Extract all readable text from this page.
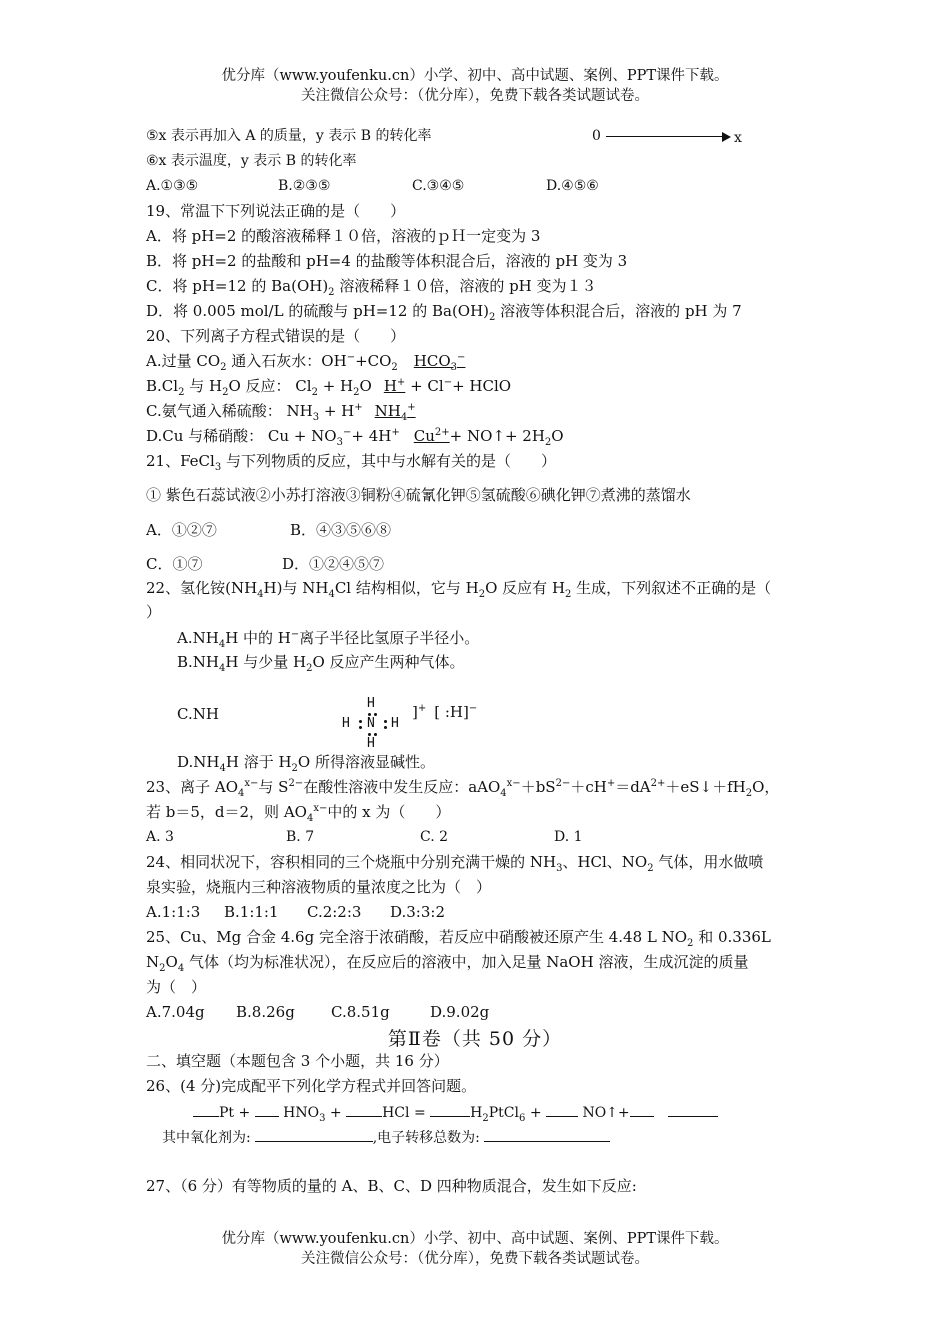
优分库（www.youfenku.cn）小学、初中、高中试题、案例、PPT课件下载。
关注微信公众号：（优分库），免费下载各类试题试卷。
⑤x 表示再加入 A 的质量，y 表示 B 的转化率	0	x
⑥x 表示温度，y 表示 B 的转化率
A.①③⑤	B.②③⑤	C.③④⑤	D.④⑤⑥
19、常温下下列说法正确的是（　　）
A．将 pH=2 的酸溶液稀释１０倍，溶液的ｐＨ一定变为 3
B．将 pH=2 的盐酸和 pH=4 的盐酸等体积混合后，溶液的 pH 变为 3
C．将 pH=12 的 $Ba(OH)_2$ 溶液稀释１０倍，溶液的 pH 变为１３
D．将 0.005 mol/L 的硫酸与 pH=12 的 $Ba(OH)_2$ 溶液等体积混合后，溶液的 pH 为 7
20、下列离子方程式错误的是（　　）
A.过量 $CO_2$ 通入石灰水：$OH^-+CO_2$ $HCO_3^-$
$B.Cl_2$ 与 $H_2O$ 反应： $Cl_2 + H_2O$ H+ + Cl−+ HClO
C.氨气通入稀硫酸： $NH_3 + H^+$ $NH_4^+$
D.Cu 与稀硝酸： $Cu + NO_3^-+ 4H^+$ $Cu^{2+}+$ NO↑+ $2H_2O$
21、FeCl$_3$ 与下列物质的反应，其中与水解有关的是（　　）
① 紫色石蕊试液②小苏打溶液③铜粉④硫氰化钾⑤氢硫酸⑥碘化钾⑦煮沸的蒸馏水
A．①②⑦	B．④③⑤⑥⑧
C．①⑦	D．①②④⑤⑦
22、氢化铵$(NH_4H)$与 $NH_4Cl$ 结构相似，它与 $H_2O$ 反应有 $H_2$ 生成，下列叙述不正确的是（
）
$A.NH_4H$ 中的 H−离子半径比氢原子半径小。
$B.NH_4H$ 与少量 $H_2O$ 反应产生两种气体。
C.NH	]+ [ :H]−
H
H N H
H
$D.NH_4H$ 溶于 $H_2O$ 所得溶液显碱性。
23、离子 $AO_4^{x-}$与 $S^{2-}$在酸性溶液中发生反应：$aAO_4^{x-}+bS^{2-}+cH^+=dA^{2+}+eS↓+fH_2O$，
若 b＝5，d＝2，则 $AO_4^{x-}$中的 x 为（　　）
A. 3	B. 7	C. 2	D. 1
24、相同状况下，容积相同的三个烧瓶中分别充满干燥的 $NH_3$、HCl、$NO_2$ 气体，用水做喷
泉实验，烧瓶内三种溶液物质的量浓度之比为（　）
A.1:1:3 B.1:1:1 C.2:2:3 D.3:3:2
25、Cu、Mg 合金 4.6g 完全溶于浓硝酸，若反应中硝酸被还原产生 4.48 L $NO_2$ 和 0.336L
$N_2O_4$ 气体（均为标准状况），在反应后的溶液中，加入足量 NaOH 溶液，生成沉淀的质量
为（　）
A.7.04g B.8.26g C.8.51g	D.9.02g
第Ⅱ卷（共 50 分）
二、填空题（本题包含 3 个小题，共 16 分）
26、(4 分)完成配平下列化学方程式并回答问题。
$Pt + HNO_3$ +	HCl =	$H_2PtCl_6$ +	NO↑+
其中氧化剂为:	,电子转移总数为:
27、（6 分）有等物质的量的 A、B、C、D 四种物质混合，发生如下反应:
优分库（www.youfenku.cn）小学、初中、高中试题、案例、PPT课件下载。
关注微信公众号：（优分库），免费下载各类试题试卷。
